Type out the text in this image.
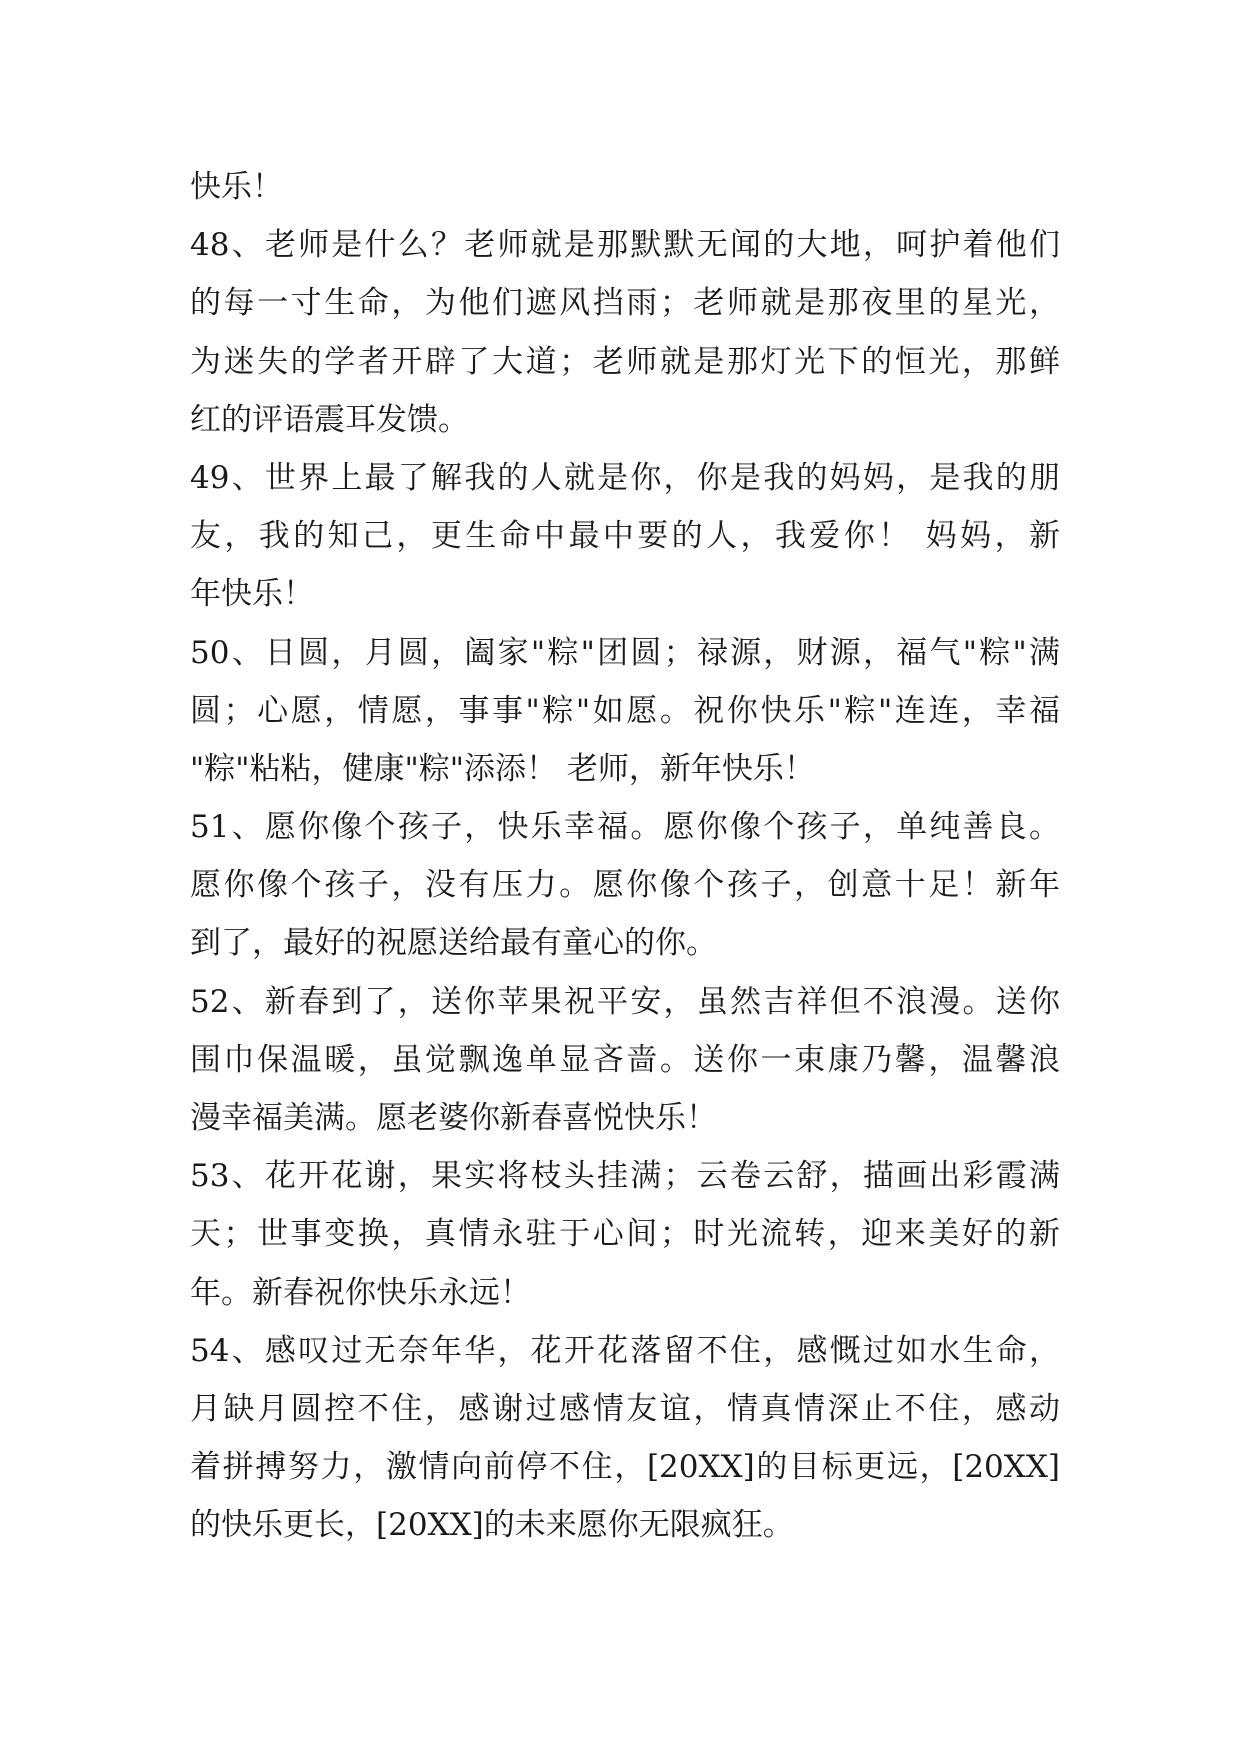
快乐！
48、老师是什么？老师就是那默默无闻的大地，呵护着他们
的每一寸生命，为他们遮风挡雨；老师就是那夜里的星光，
为迷失的学者开辟了大道；老师就是那灯光下的恒光，那鲜
红的评语震耳发馈。
49、世界上最了解我的人就是你，你是我的妈妈，是我的朋
友，我的知己，更生命中最中要的人，我爱你！ 妈妈，新
年快乐！
50、日圆，月圆，阖家"粽"团圆；禄源，财源，福气"粽"满
圆；心愿，情愿，事事"粽"如愿。祝你快乐"粽"连连，幸福
"粽"粘粘，健康"粽"添添！ 老师，新年快乐！
51、愿你像个孩子，快乐幸福。愿你像个孩子，单纯善良。
愿你像个孩子，没有压力。愿你像个孩子，创意十足！新年
到了，最好的祝愿送给最有童心的你。
52、新春到了，送你苹果祝平安，虽然吉祥但不浪漫。送你
围巾保温暖，虽觉飘逸单显吝啬。送你一束康乃馨，温馨浪
漫幸福美满。愿老婆你新春喜悦快乐！
53、花开花谢，果实将枝头挂满；云卷云舒，描画出彩霞满
天；世事变换，真情永驻于心间；时光流转，迎来美好的新
年。新春祝你快乐永远！
54、感叹过无奈年华，花开花落留不住，感慨过如水生命，
月缺月圆控不住，感谢过感情友谊，情真情深止不住，感动
着拼搏努力，激情向前停不住，[20XX]的目标更远，[20XX]
的快乐更长，[20XX]的未来愿你无限疯狂。
